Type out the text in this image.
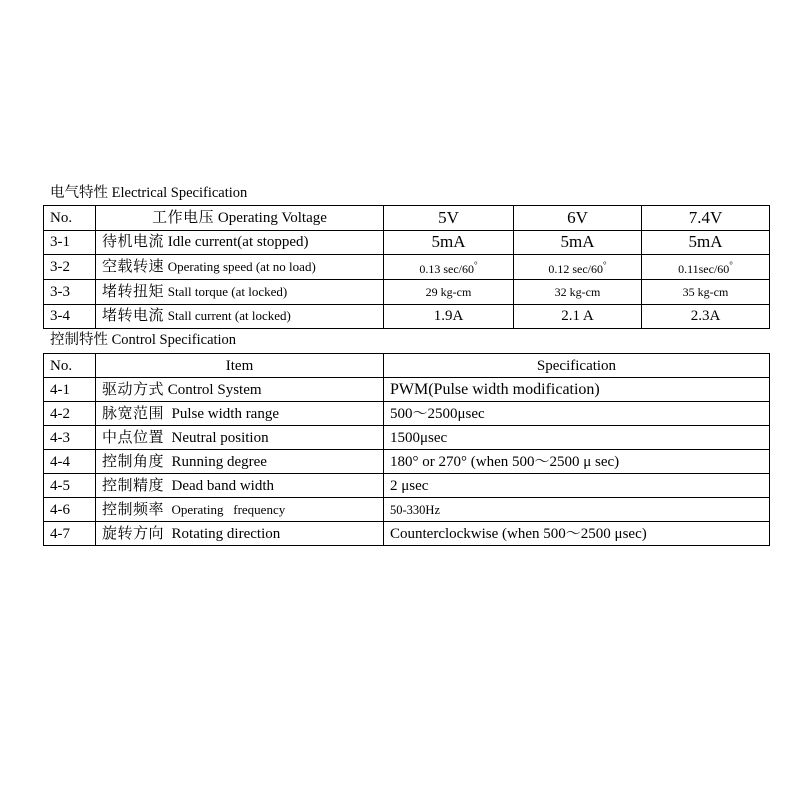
电气特性 Electrical Specification
No.	工作电压 Operating Voltage	5V	6V	7.4V
3-1	待机电流 Idle current(at stopped)	5mA	5mA	5mA
3-2	空载转速 Operating speed (at no load)	0.13 sec/60°	0.12 sec/60°	0.11sec/60°
3-3	堵转扭矩 Stall torque (at locked)	29 kg-cm	32 kg-cm	35 kg-cm
3-4	堵转电流 Stall current (at locked)	1.9A	2.1 A	2.3A
控制特性 Control Specification
No.	Item	Specification
4-1	驱动方式 Control System	PWM(Pulse width modification)
4-2	脉宽范围 Pulse width range	500～2500μsec
4-3	中点位置 Neutral position	1500μsec
4-4	控制角度 Running degree	180° or 270° (when 500～2500 μ sec)
4-5	控制精度 Dead band width	2 μsec
4-6	控制频率 Operating   frequency	50-330Hz
4-7	旋转方向 Rotating direction	Counterclockwise (when 500～2500 μsec)
